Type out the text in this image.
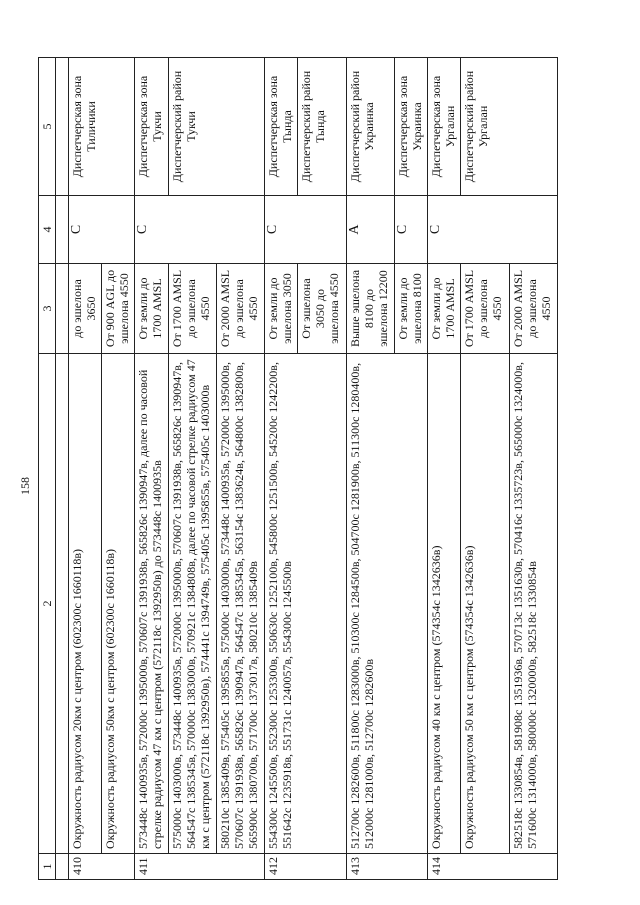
158
1	2	3	4	5

410	Окружность радиусом 20км с центром (602300с 1660118в)	до эшелона 3650	C	Диспетчерская зона Тиличики
	Окружность радиусом 50км с центром (602300с 1660118в)	От 900 AGL до эшелона 4550		
411	573448с 1400935в, 572000с 1395000в, 570607с 1391938в, 565826с 1390947в, далее по часовой стрелке радиусом 47 км с центром (572118с 1392950в) до 573448с 1400935в	От земли до 1700 AMSL	C	Диспетчерская зона Тукчи
	575000с 1403000в, 573448с 1400935в, 572000с 1395000в, 570607с 1391938в, 565826с 1390947в, 564547с 1385345в, 570000с 1383000в, 570921с 1384808в, далее по часовой стрелке радиусом 47 км с центром (572118с 1392950в), 574441с 1394749в, 575405с 1395855в, 575405с 1403000в	От 1700 AMSL до эшелона 4550		Диспетчерский район Тукчи
	580210с 1385409в, 575405с 1395855в, 575000с 1403000в, 573448с 1400935в, 572000с 1395000в, 570607с 1391938в, 565826с 1390947в, 564547с 1385345в, 563154с 1383624в, 564800с 1382800в, 565900с 1380700в, 571700с 1373017в, 580210с 1385409в	От 2000 AMSL до эшелона 4550		
412	554300с 1245500в, 552300с 1253300в, 550630с 1252100в, 545800с 1251500в, 545200с 1242200в, 551642с 1235918в, 551731с 1240057в, 554300с 1245500в	От земли до эшелона 3050	C	Диспетчерская зона Тында
		От эшелона 3050 до эшелона 4550		Диспетчерский район Тында
413	512700с 1282600в, 511800с 1283000в, 510300с 1284500в, 504700с 1281900в, 511300с 1280400в, 512000с 1281000в, 512700с 1282600в	Выше эшелона 8100 до эшелона 12200	A	Диспетчерский район Украинка
		От земли до эшелона 8100	C	Диспетчерская зона Украинка
414	Окружность радиусом 40 км с центром (574354с 1342636в)	От земли до 1700 AMSL	C	Диспетчерская зона Ургалан
	Окружность радиусом 50 км с центром (574354с 1342636в)	От 1700 AMSL до эшелона 4550		Диспетчерский район Ургалан
	582518с 1330854в, 581908с 1351936в, 570713с 1351630в, 570416с 1335723в, 565000с 1324000в, 571600с 1314000в, 580000с 1320000в, 582518с 1330854в	От 2000 AMSL до эшелона 4550		
